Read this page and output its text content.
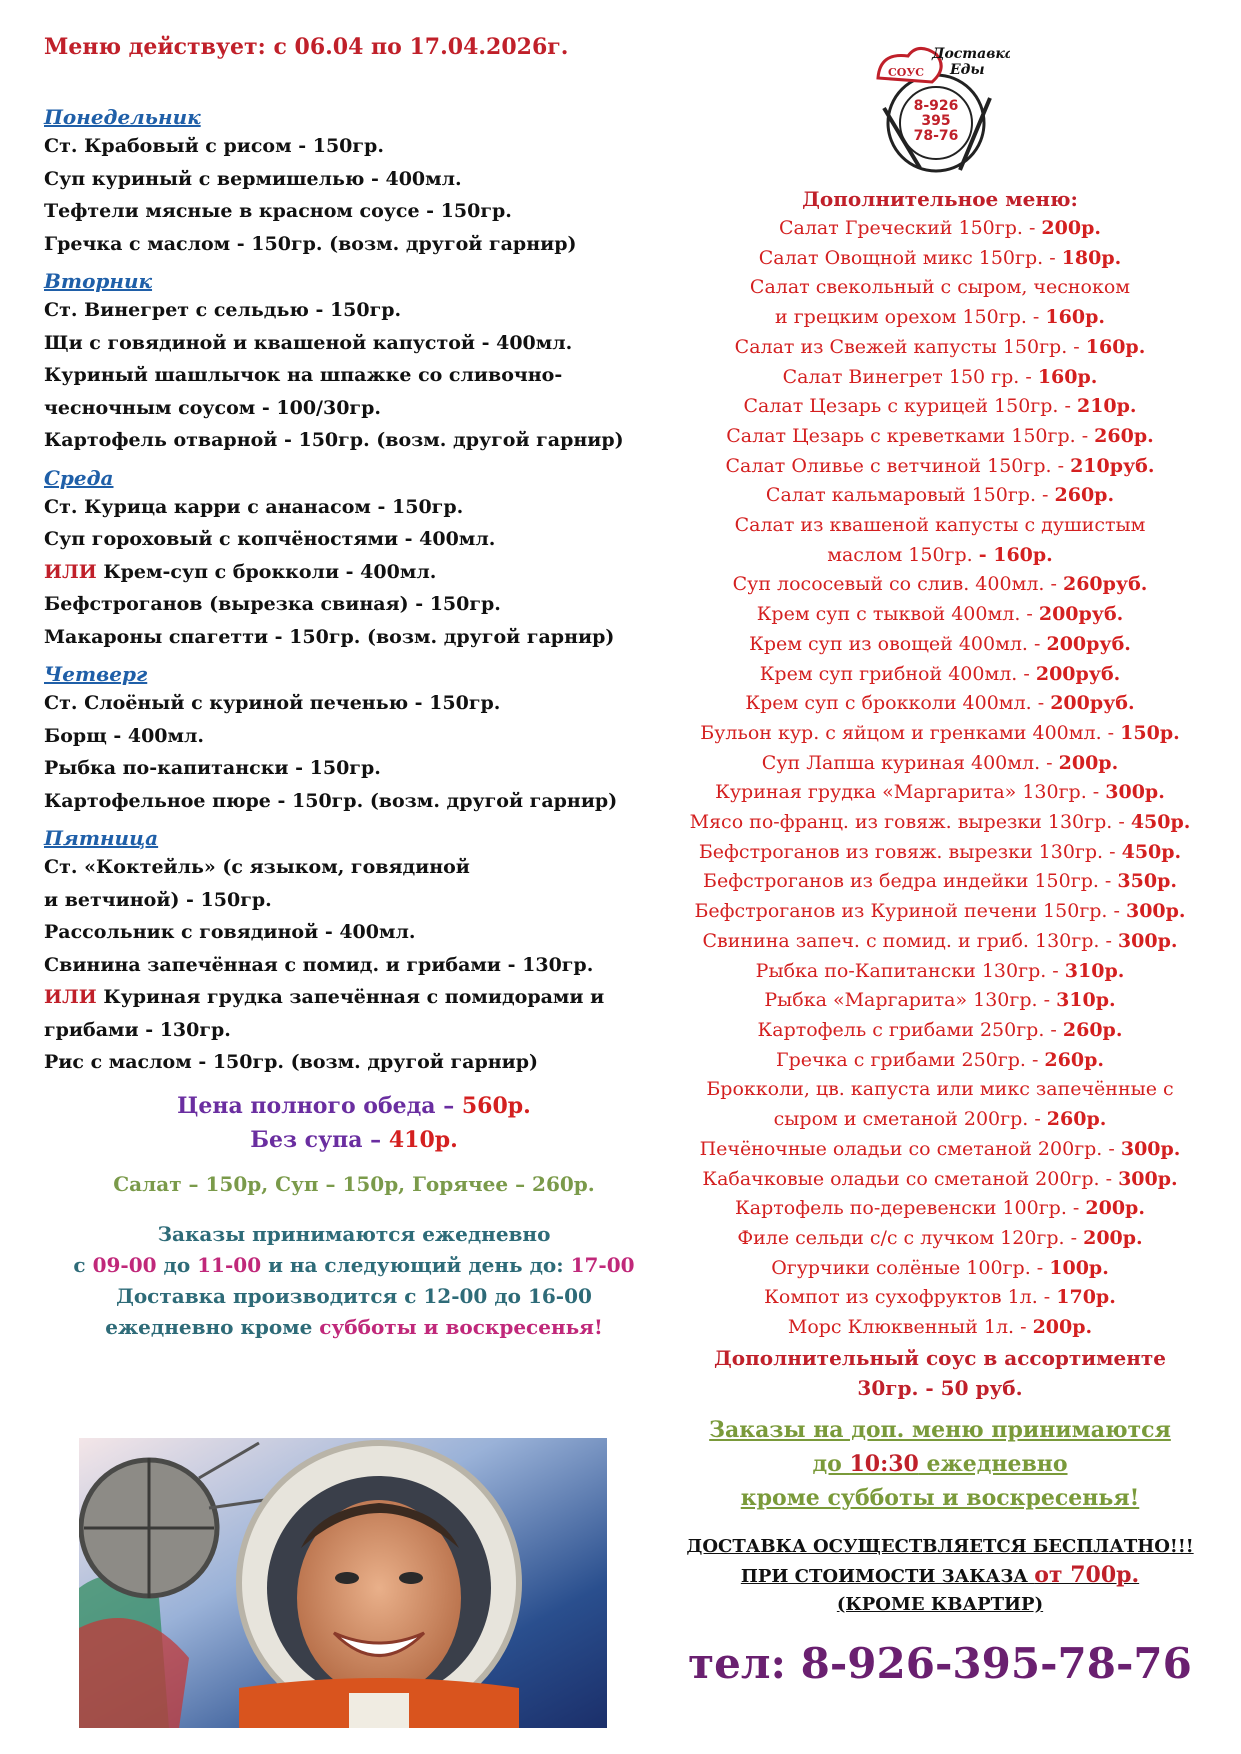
Меню действует: с 06.04 по 17.04.2026г.
Понедельник
Ст. Крабовый с рисом - 150гр.
Суп куриный с вермишелью - 400мл.
Тефтели мясные в красном соусе - 150гр.
Гречка с маслом - 150гр. (возм. другой гарнир)
Вторник
Ст. Винегрет с сельдью - 150гр.
Щи с говядиной и квашеной капустой - 400мл.
Куриный шашлычок на шпажке со сливочно-
чесночным соусом - 100/30гр.
Картофель отварной - 150гр. (возм. другой гарнир)
Среда
Ст. Курица карри с ананасом - 150гр.
Суп гороховый с копчёностями - 400мл.
ИЛИ Крем-суп с брокколи - 400мл.
Бефстроганов (вырезка свиная) - 150гр.
Макароны спагетти - 150гр. (возм. другой гарнир)
Четверг
Ст. Слоёный с куриной печенью - 150гр.
Борщ - 400мл.
Рыбка по-капитански - 150гр.
Картофельное пюре - 150гр. (возм. другой гарнир)
Пятница
Ст. «Коктейль» (с языком, говядиной
и ветчиной) - 150гр.
Рассольник с говядиной - 400мл.
Свинина запечённая с помид. и грибами - 130гр.
ИЛИ Куриная грудка запечённая с помидорами и
грибами - 130гр.
Рис с маслом - 150гр. (возм. другой гарнир)
Цена полного обеда – 560р.
Без супа – 410р.
Салат – 150р, Суп – 150р, Горячее – 260р.
Заказы принимаются ежедневно
с 09-00 до 11-00 и на следующий день до: 17-00
Доставка производится с 12-00 до 16-00
ежедневно кроме субботы и воскресенья!
СОУС
Доставка
Еды
8-926
395
78-76
Дополнительное меню:
Салат Греческий 150гр. - 200р.
Салат Овощной микс 150гр. - 180р.
Салат свекольный с сыром, чесноком
и грецким орехом 150гр. - 160р.
Салат из Свежей капусты 150гр. - 160р.
Салат Винегрет 150 гр. - 160р.
Салат Цезарь с курицей 150гр. - 210р.
Салат Цезарь с креветками 150гр. - 260р.
Салат Оливье с ветчиной 150гр. - 210руб.
Салат кальмаровый 150гр. - 260р.
Салат из квашеной капусты с душистым
маслом 150гр. - 160р.
Суп лососевый со слив. 400мл. - 260руб.
Крем суп с тыквой 400мл. - 200руб.
Крем суп из овощей 400мл. - 200руб.
Крем суп грибной 400мл. - 200руб.
Крем суп с брокколи 400мл. - 200руб.
Бульон кур. с яйцом и гренками 400мл. - 150р.
Суп Лапша куриная 400мл. - 200р.
Куриная грудка «Маргарита» 130гр. - 300р.
Мясо по-франц. из говяж. вырезки 130гр. - 450р.
Бефстроганов из говяж. вырезки 130гр. - 450р.
Бефстроганов из бедра индейки 150гр. - 350р.
Бефстроганов из Куриной печени 150гр. - 300р.
Свинина запеч. с помид. и гриб. 130гр. - 300р.
Рыбка по-Капитански 130гр. - 310р.
Рыбка «Маргарита» 130гр. - 310р.
Картофель с грибами 250гр. - 260р.
Гречка с грибами 250гр. - 260р.
Брокколи, цв. капуста или микс запечённые с
сыром и сметаной 200гр. - 260р.
Печёночные оладьи со сметаной 200гр. - 300р.
Кабачковые оладьи со сметаной 200гр. - 300р.
Картофель по-деревенски 100гр. - 200р.
Филе сельди с/с с лучком 120гр. - 200р.
Огурчики солёные 100гр. - 100р.
Компот из сухофруктов 1л. - 170р.
Морс Клюквенный 1л. - 200р.
Дополнительный соус в ассортименте
30гр. - 50 руб.
Заказы на доп. меню принимаются
до 10:30 ежедневно
кроме субботы и воскресенья!
ДОСТАВКА ОСУЩЕСТВЛЯЕТСЯ БЕСПЛАТНО!!!
ПРИ СТОИМОСТИ ЗАКАЗА от 700р.
(КРОМЕ КВАРТИР)
тел: 8-926-395-78-76
